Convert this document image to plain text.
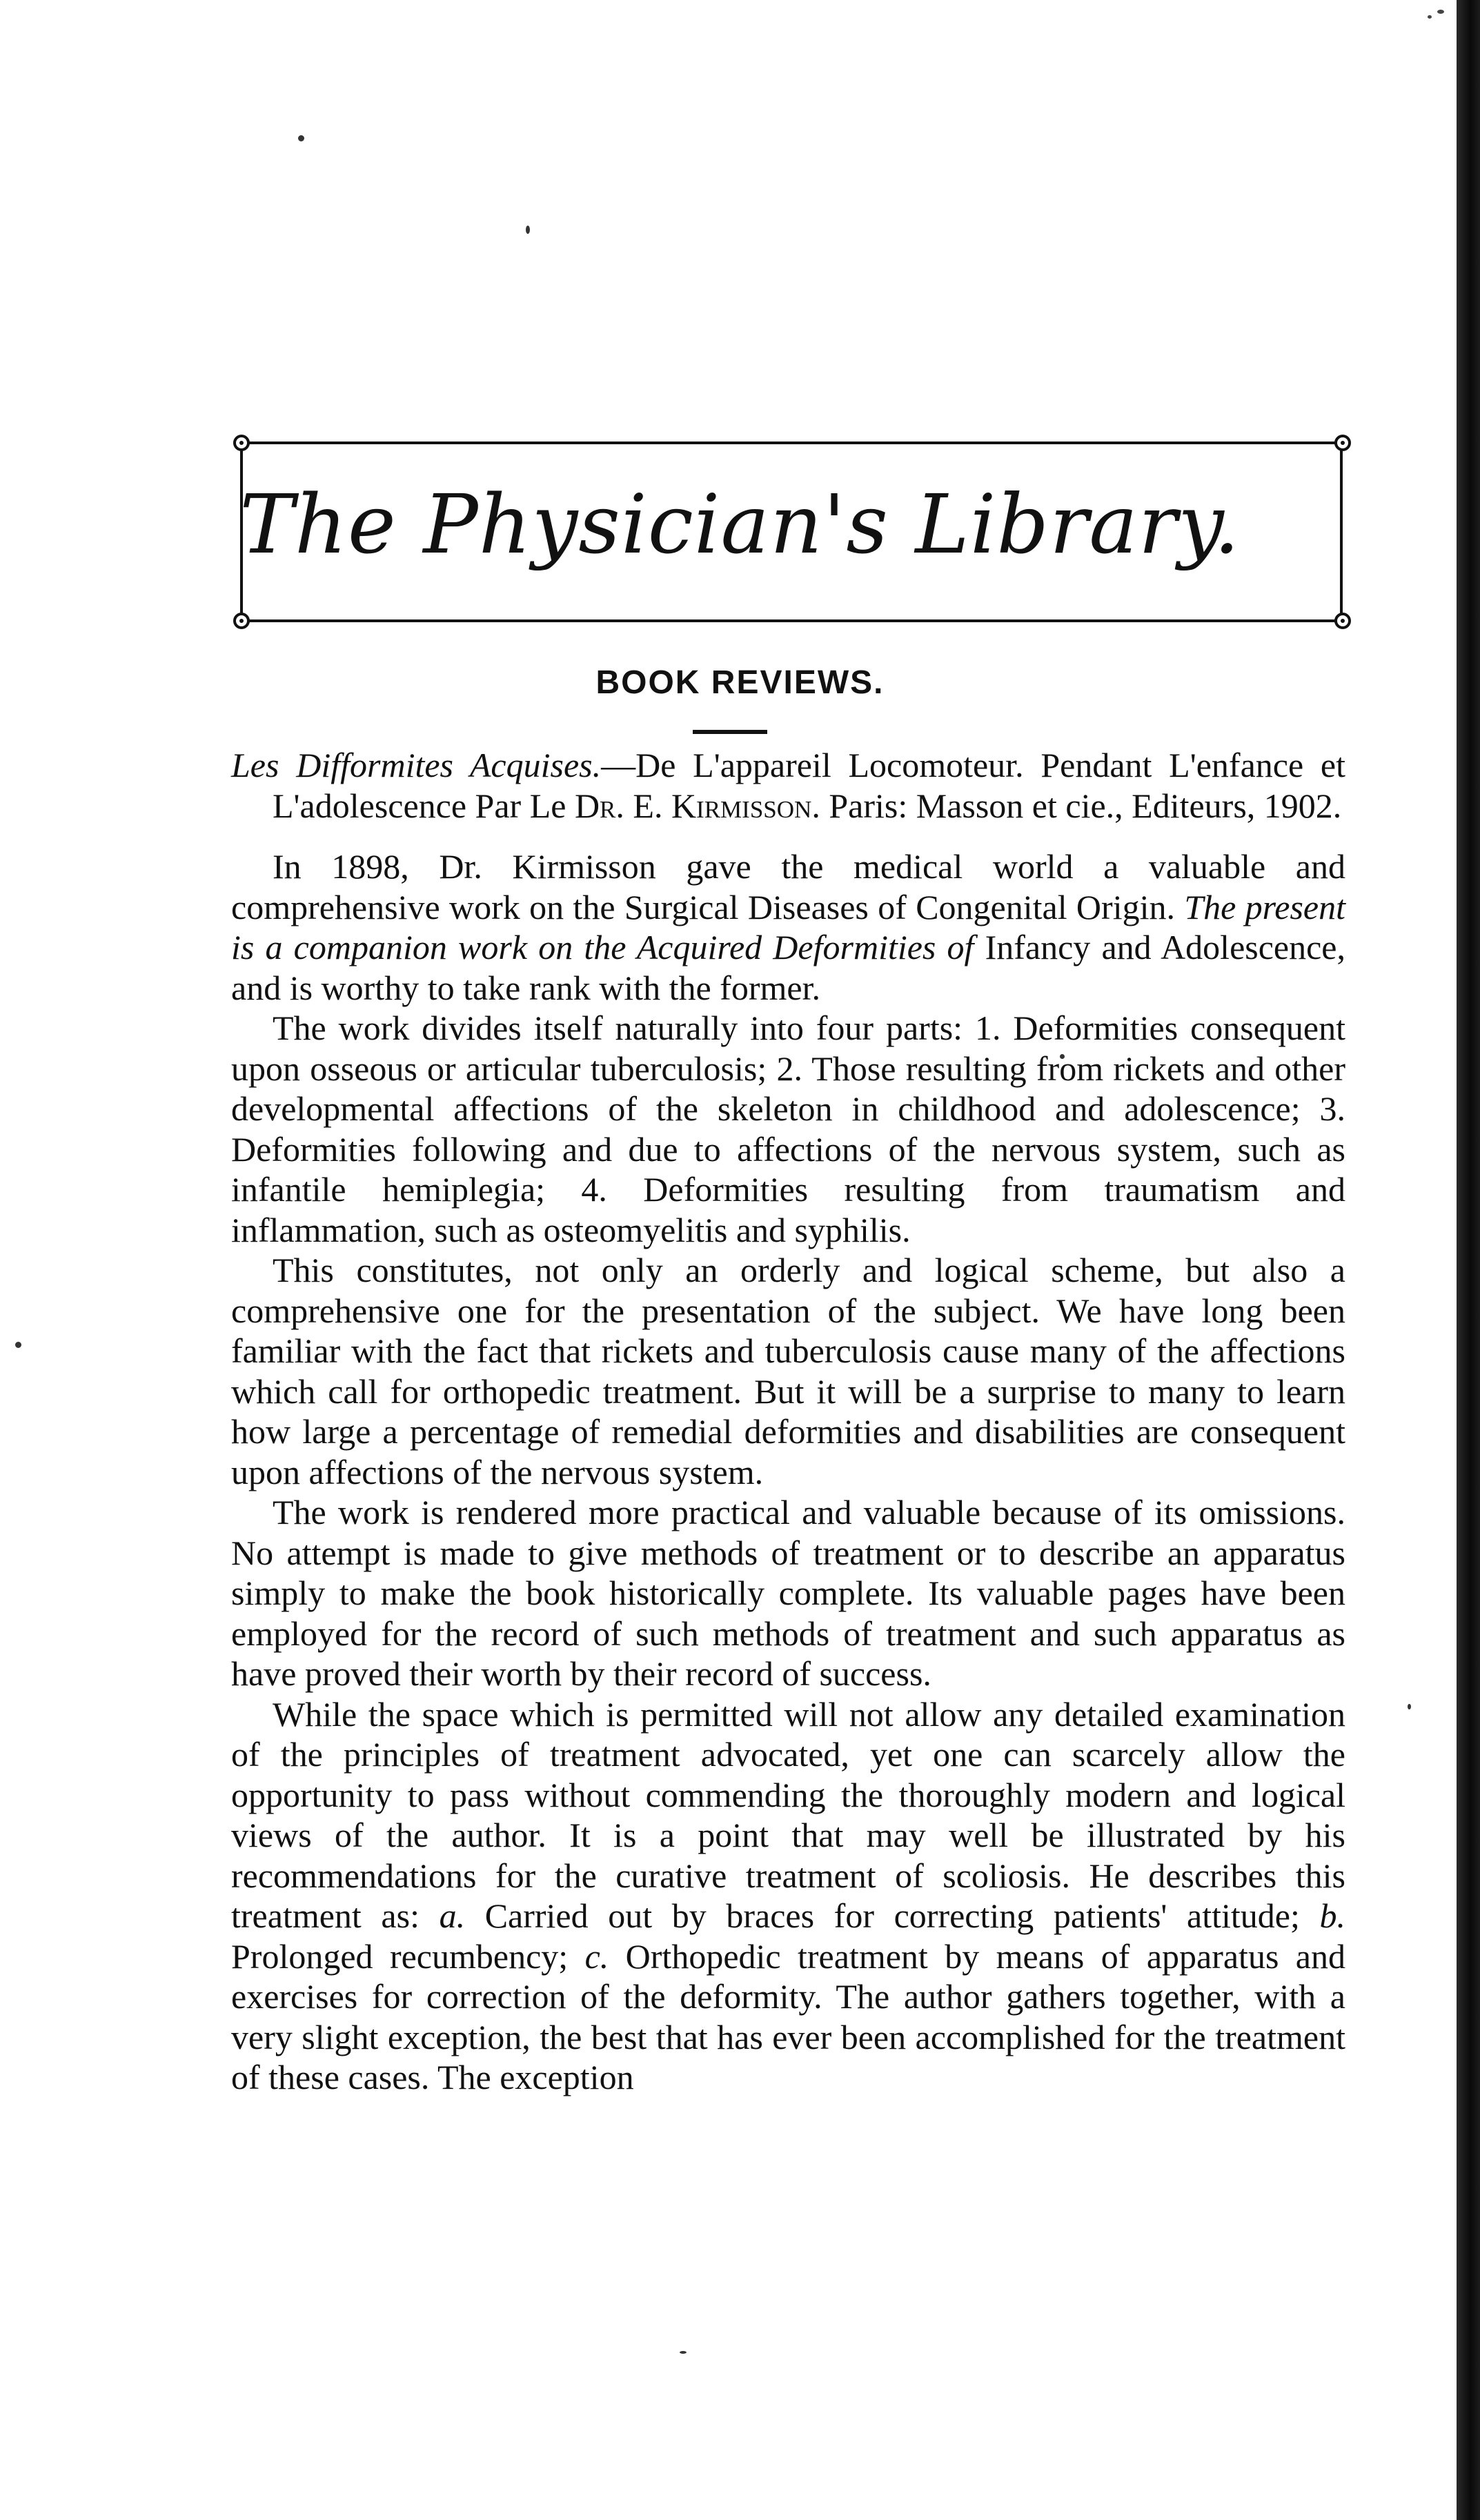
The Physician's Library.
BOOK REVIEWS.

Les Difformites Acquises.—De L'appareil Locomoteur. Pendant L'enfance et L'adolescence Par Le Dr. E. Kirmisson. Paris: Masson et cie., Editeurs, 1902.

In 1898, Dr. Kirmisson gave the medical world a valuable and comprehensive work on the Surgical Diseases of Congenital Origin. The present is a companion work on the Acquired Deformities of Infancy and Adolescence, and is worthy to take rank with the former.

The work divides itself naturally into four parts: 1. Deformities consequent upon osseous or articular tuberculosis; 2. Those resulting from rickets and other developmental affections of the skeleton in childhood and adolescence; 3. Deformities following and due to affections of the nervous system, such as infantile hemiplegia; 4. Deformities resulting from traumatism and inflammation, such as osteomyelitis and syphilis.

This constitutes, not only an orderly and logical scheme, but also a comprehensive one for the presentation of the subject. We have long been familiar with the fact that rickets and tuberculosis cause many of the affections which call for orthopedic treatment. But it will be a surprise to many to learn how large a percentage of remedial deformities and disabilities are consequent upon affections of the nervous system.

The work is rendered more practical and valuable because of its omissions. No attempt is made to give methods of treatment or to describe an apparatus simply to make the book historically complete. Its valuable pages have been employed for the record of such methods of treatment and such apparatus as have proved their worth by their record of success.

While the space which is permitted will not allow any detailed examination of the principles of treatment advocated, yet one can scarcely allow the opportunity to pass without commending the thoroughly modern and logical views of the author. It is a point that may well be illustrated by his recommendations for the curative treatment of scoliosis. He describes this treatment as: a. Carried out by braces for correcting patients' attitude; b. Prolonged recumbency; c. Orthopedic treatment by means of apparatus and exercises for correction of the deformity. The author gathers together, with a very slight exception, the best that has ever been accomplished for the treatment of these cases. The exception
